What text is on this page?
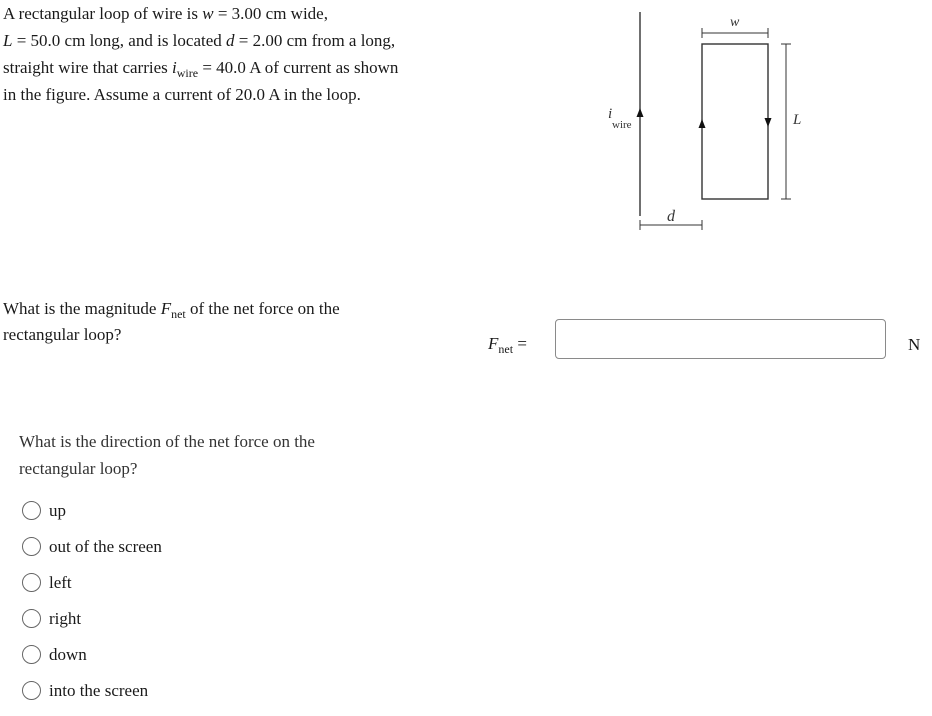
A rectangular loop of wire is w = 3.00 cm wide,

L = 50.0 cm long, and is located d = 2.00 cm from a long,

straight wire that carries $i_{wire} = 40.0$ A of current as shown

in the figure. Assume a current of 20.0 A in the loop.

i
wire
w
L
d

What is the magnitude $F_{net}$ of the net force on the

rectangular loop?	$F_{net}$ =	N

What is the direction of the net force on the
rectangular loop?

up
out of the screen
left
right
down
into the screen
